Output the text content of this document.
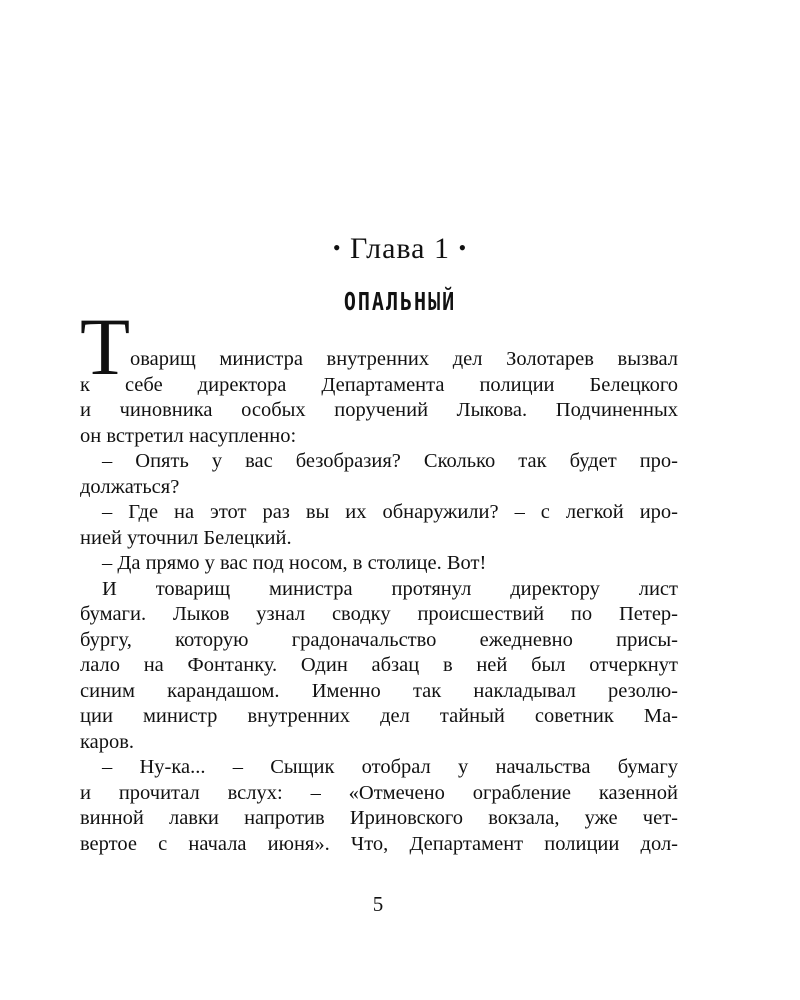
• Глава 1 •
ОПАЛЬНЫЙ
Т оварищ министра внутренних дел Золотарев вызвал
к себе директора Департамента полиции Белецкого
и чиновника особых поручений Лыкова. Подчиненных
он встретил насупленно:
– Опять у вас безобразия? Сколько так будет про-
должаться?
– Где на этот раз вы их обнаружили? – с легкой иро-
нией уточнил Белецкий.
– Да прямо у вас под носом, в столице. Вот!
И товарищ министра протянул директору лист
бумаги. Лыков узнал сводку происшествий по Петер-
бургу, которую градоначальство ежедневно присы-
лало на Фонтанку. Один абзац в ней был отчеркнут
синим карандашом. Именно так накладывал резолю-
ции министр внутренних дел тайный советник Ма-
каров.
– Ну-ка... – Сыщик отобрал у начальства бумагу
и прочитал вслух: – «Отмечено ограбление казенной
винной лавки напротив Ириновского вокзала, уже чет-
вертое с начала июня». Что, Департамент полиции дол-
5
